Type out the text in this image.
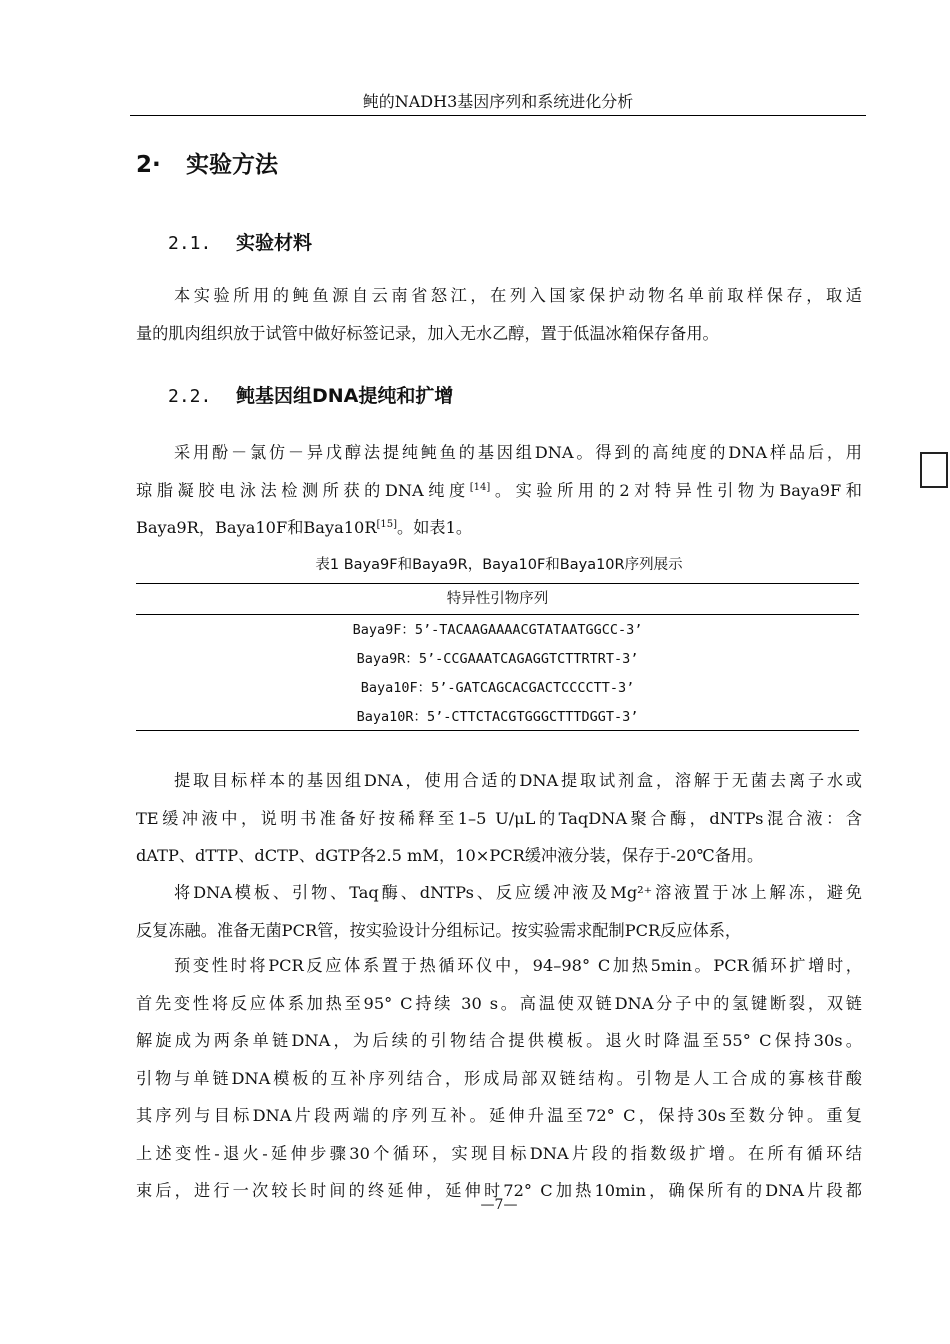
鲀的NADH3基因序列和系统进化分析
2· 实验方法
2.1. 实验材料
本实验所用的鲀鱼源自云南省怒江，在列入国家保护动物名单前取样保存，取适
量的肌肉组织放于试管中做好标签记录，加入无水乙醇，置于低温冰箱保存备用。
2.2. 鲀基因组DNA提纯和扩增
采用酚－氯仿－异戊醇法提纯鲀鱼的基因组DNA。得到的高纯度的DNA样品后，用
琼脂凝胶电泳法检测所获的DNA纯度[14]。实验所用的2对特异性引物为Baya9F和
Baya9R，Baya10F和Baya10R[15]。如表1。
表1 Baya9F和Baya9R，Baya10F和Baya10R序列展示
特异性引物序列
Baya9F：5’-TACAAGAAAACGTATAATGGCC-3’
Baya9R：5’-CCGAAATCAGAGGTCTTRTRT-3’
Baya10F：5’-GATCAGCACGACTCCCCTT-3’
Baya10R：5’-CTTCTACGTGGGCTTTDGGT-3’
提取目标样本的基因组DNA，使用合适的DNA提取试剂盒，溶解于无菌去离子水或
TE缓冲液中，说明书准备好按稀释至1–5 U/μL的TaqDNA聚合酶，dNTPs混合液：含
dATP、dTTP、dCTP、dGTP各2.5 mM，10×PCR缓冲液分装，保存于-20℃备用。
将DNA模板、引物、Taq酶、dNTPs、反应缓冲液及Mg²⁺溶液置于冰上解冻，避免
反复冻融。准备无菌PCR管，按实验设计分组标记。按实验需求配制PCR反应体系，
预变性时将PCR反应体系置于热循环仪中，94–98° C加热5min。PCR循环扩增时，
首先变性将反应体系加热至95° C持续 30 s。高温使双链DNA分子中的氢键断裂，双链
解旋成为两条单链DNA，为后续的引物结合提供模板。退火时降温至55° C保持30s。
引物与单链DNA模板的互补序列结合，形成局部双链结构。引物是人工合成的寡核苷酸
其序列与目标DNA片段两端的序列互补。延伸升温至72° C，保持30s至数分钟。重复
上述变性-退火-延伸步骤30个循环，实现目标DNA片段的指数级扩增。在所有循环结
束后，进行一次较长时间的终延伸，延伸时72° C加热10min，确保所有的DNA片段都
—7—
